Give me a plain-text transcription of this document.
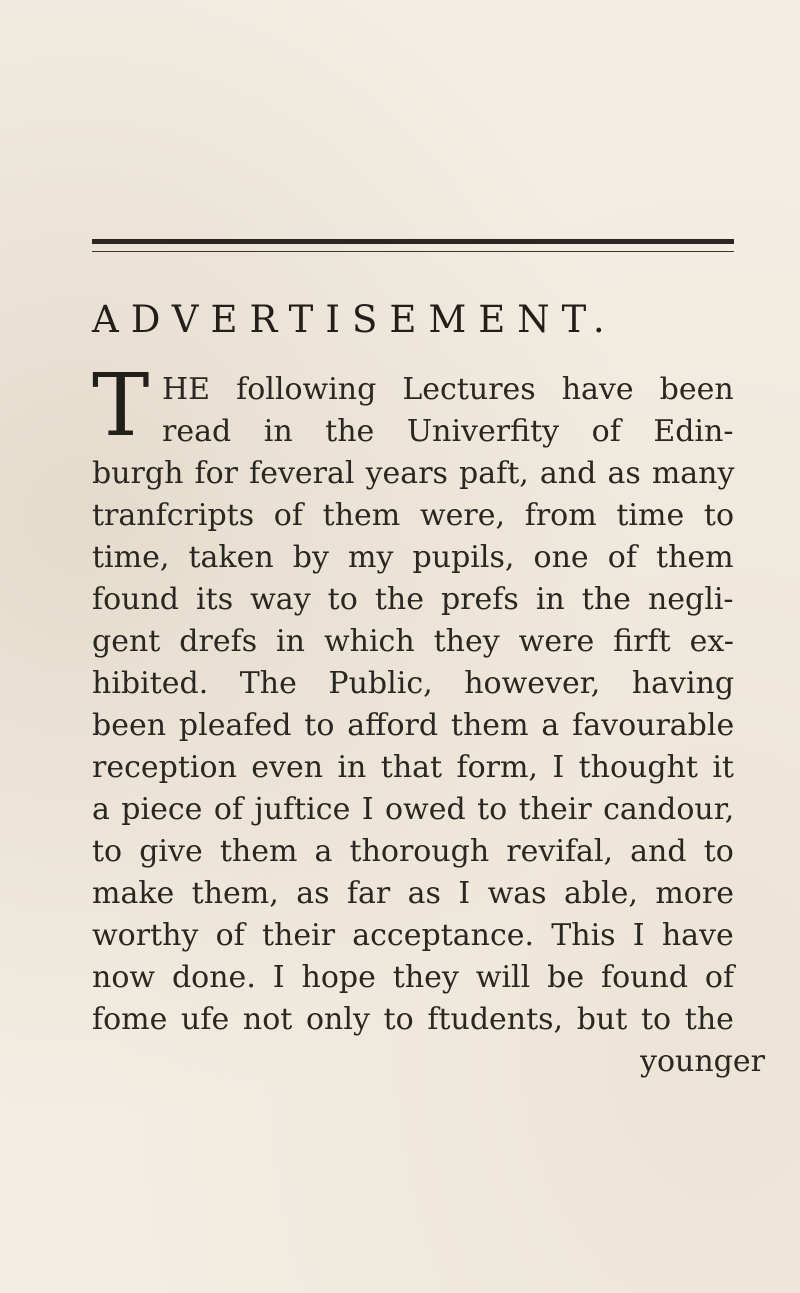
ADVERTISEMENT.
T HE following Lectures have been
read in the Univerfity of Edin-
burgh for feveral years paft, and as many
tranfcripts of them were, from time to
time, taken by my pupils, one of them
found its way to the prefs in the negli-
gent drefs in which they were firft ex-
hibited. The Public, however, having
been pleafed to afford them a favourable
reception even in that form, I thought it
a piece of juftice I owed to their candour,
to give them a thorough revifal, and to
make them, as far as I was able, more
worthy of their acceptance. This I have
now done. I hope they will be found of
fome ufe not only to ftudents, but to the
younger
